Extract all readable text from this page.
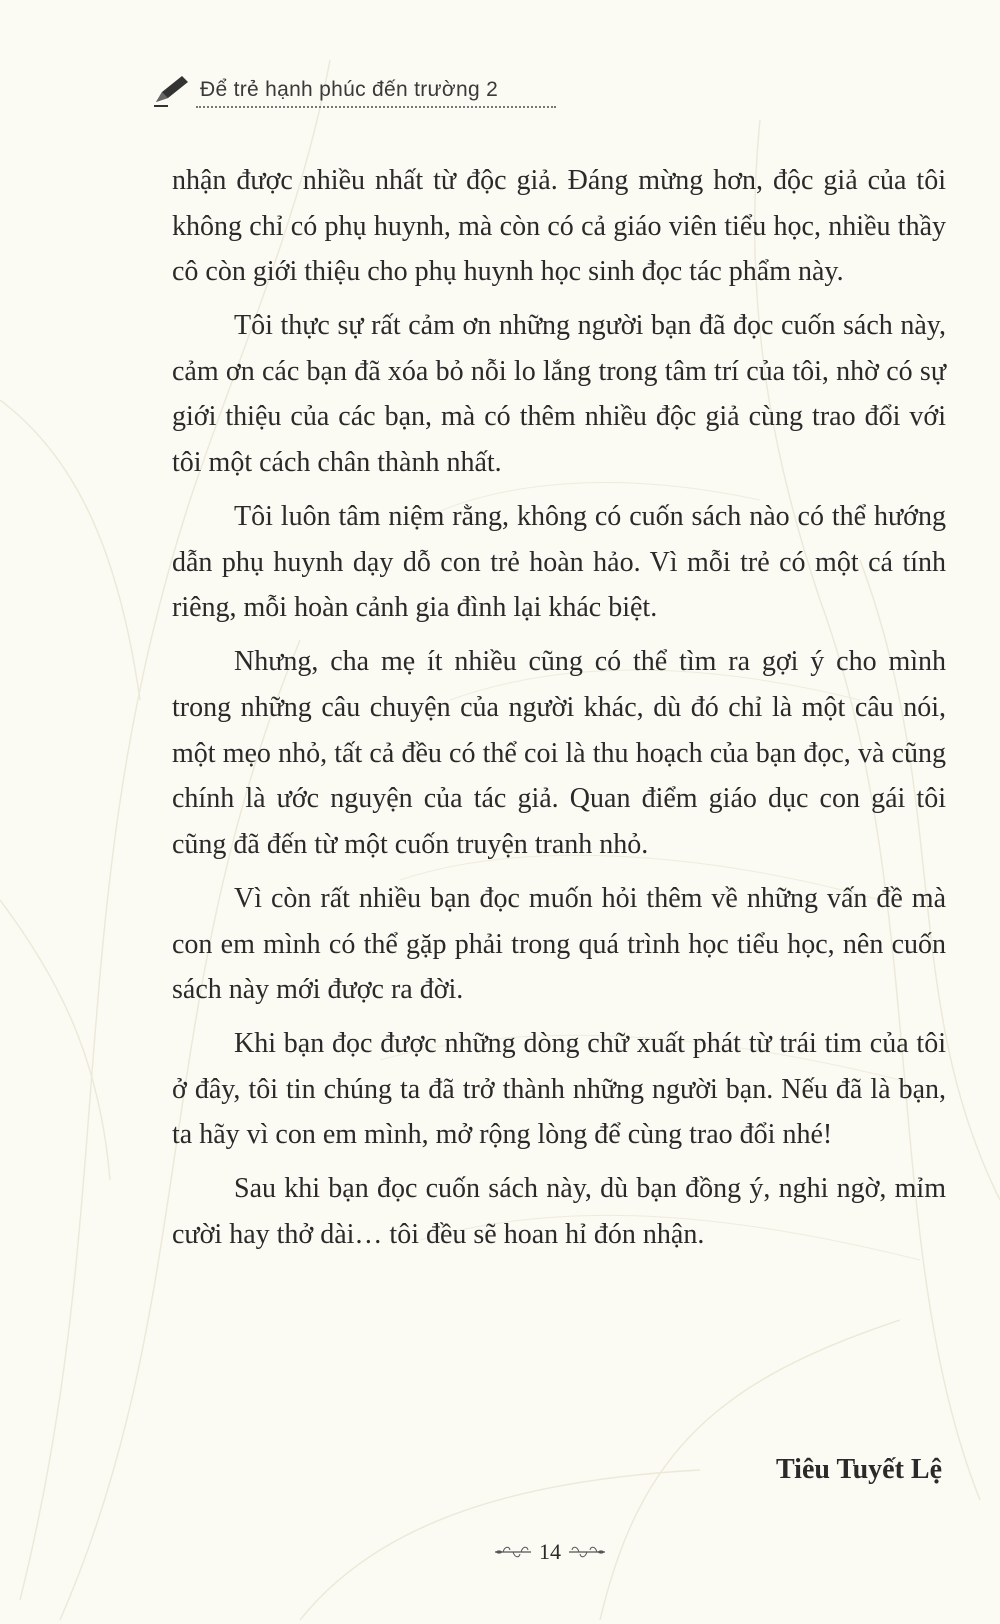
Để trẻ hạnh phúc đến trường 2

nhận được nhiều nhất từ độc giả. Đáng mừng hơn, độc giả của tôi không chỉ có phụ huynh, mà còn có cả giáo viên tiểu học, nhiều thầy cô còn giới thiệu cho phụ huynh học sinh đọc tác phẩm này.

Tôi thực sự rất cảm ơn những người bạn đã đọc cuốn sách này, cảm ơn các bạn đã xóa bỏ nỗi lo lắng trong tâm trí của tôi, nhờ có sự giới thiệu của các bạn, mà có thêm nhiều độc giả cùng trao đổi với tôi một cách chân thành nhất.

Tôi luôn tâm niệm rằng, không có cuốn sách nào có thể hướng dẫn phụ huynh dạy dỗ con trẻ hoàn hảo. Vì mỗi trẻ có một cá tính riêng, mỗi hoàn cảnh gia đình lại khác biệt.

Nhưng, cha mẹ ít nhiều cũng có thể tìm ra gợi ý cho mình trong những câu chuyện của người khác, dù đó chỉ là một câu nói, một mẹo nhỏ, tất cả đều có thể coi là thu hoạch của bạn đọc, và cũng chính là ước nguyện của tác giả. Quan điểm giáo dục con gái tôi cũng đã đến từ một cuốn truyện tranh nhỏ.

Vì còn rất nhiều bạn đọc muốn hỏi thêm về những vấn đề mà con em mình có thể gặp phải trong quá trình học tiểu học, nên cuốn sách này mới được ra đời.

Khi bạn đọc được những dòng chữ xuất phát từ trái tim của tôi ở đây, tôi tin chúng ta đã trở thành những người bạn. Nếu đã là bạn, ta hãy vì con em mình, mở rộng lòng để cùng trao đổi nhé!

Sau khi bạn đọc cuốn sách này, dù bạn đồng ý, nghi ngờ, mỉm cười hay thở dài… tôi đều sẽ hoan hỉ đón nhận.

Tiêu Tuyết Lệ
14
